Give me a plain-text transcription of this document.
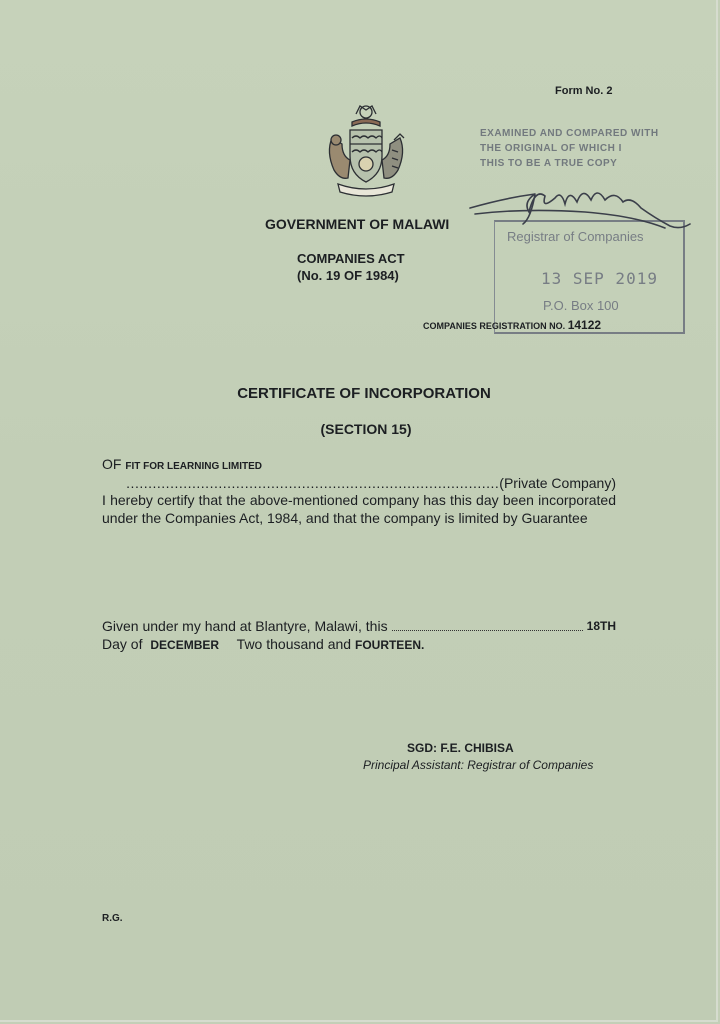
Form No. 2
GOVERNMENT OF MALAWI
COMPANIES ACT
(No. 19 OF 1984)
EXAMINED AND COMPARED WITH
THE ORIGINAL OF WHICH I
THIS TO BE A TRUE COPY
Registrar of Companies
13 SEP 2019
P.O. Box 100
COMPANIES REGISTRATION NO. 14122
CERTIFICATE OF INCORPORATION
(SECTION 15)
OF FIT FOR LEARNING LIMITED
.....................................................................................(Private Company)
I hereby certify that the above-mentioned company has this day been incorporated under the Companies Act, 1984, and that the company is limited by Guarantee
Given under my hand at Blantyre, Malawi, this	18TH
Day of DECEMBER Two thousand and FOURTEEN.
SGD: F.E. CHIBISA
Principal Assistant: Registrar of Companies
R.G.
